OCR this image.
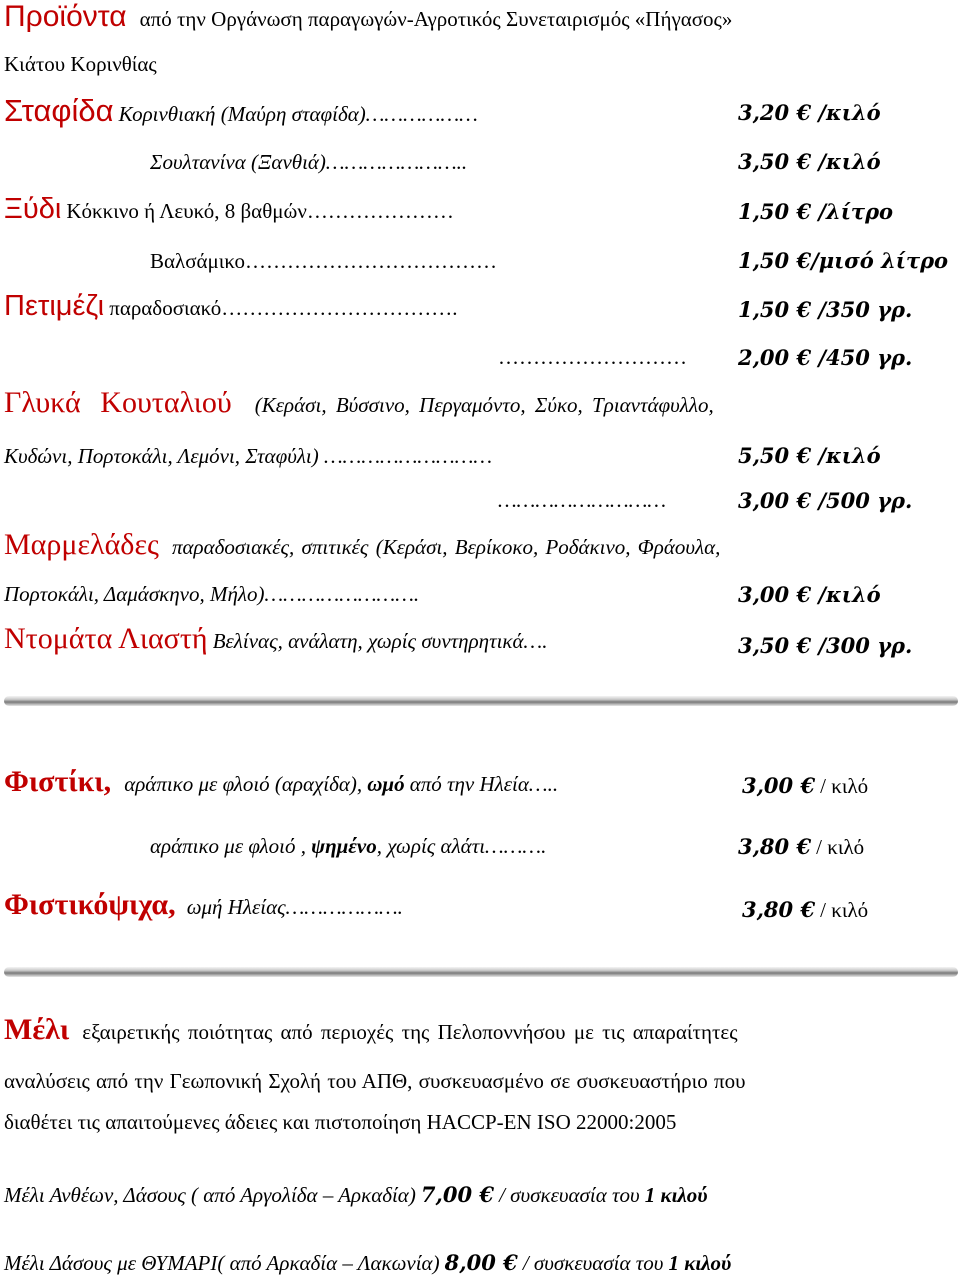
Προϊόντα από την Οργάνωση παραγωγών-Αγροτικός Συνεταιρισμός «Πήγασος»
Κιάτου Κορινθίας
Σταφίδα Κορινθιακή (Μαύρη σταφίδα)………………	3,20 € /κιλό
Σουλτανίνα (Ξανθιά)…………………..	3,50 € /κιλό
Ξύδι Κόκκινο ή Λευκό, 8 βαθμών…………………	1,50 € /λίτρο
Βαλσάμικο………………………………	1,50 €/μισό λίτρο
Πετιμέζι παραδοσιακό…………………………….	1,50 € /350 γρ.
……………………… 2,00 € /450 γρ.
Γλυκά Κουταλιού (Κεράσι, Βύσσινο, Περγαμόντο, Σύκο, Τριαντάφυλλο,
Κυδώνι, Πορτοκάλι, Λεμόνι, Σταφύλι) ………………………	5,50 € /κιλό
………………………	3,00 € /500 γρ.
Μαρμελάδες παραδοσιακές, σπιτικές (Κεράσι, Βερίκοκο, Ροδάκινο, Φράουλα,
Πορτοκάλι, Δαμάσκηνο, Μήλο)…………………….	3,00 € /κιλό
Ντομάτα Λιαστή Βελίνας, ανάλατη, χωρίς συντηρητικά….	3,50 € /300 γρ.
Φιστίκι, αράπικο με φλοιό (αραχίδα), ωμό από την Ηλεία…..	3,00 € / κιλό
αράπικο με φλοιό , ψημένο, χωρίς αλάτι……….	3,80 € / κιλό
Φιστικόψιχα, ωμή Ηλείας……………….	3,80 € / κιλό
Μέλι εξαιρετικής ποιότητας από περιοχές της Πελοποννήσου με τις απαραίτητες
αναλύσεις από την Γεωπονική Σχολή του ΑΠΘ, συσκευασμένο σε συσκευαστήριο που
διαθέτει τις απαιτούμενες άδειες και πιστοποίηση HACCP-EN ISO 22000:2005
Μέλι Ανθέων, Δάσους ( από Αργολίδα – Αρκαδία) 7,00 € / συσκευασία του 1 κιλού
Μέλι Δάσους με ΘΥΜΑΡΙ( από Αρκαδία – Λακωνία) 8,00 € / συσκευασία του 1 κιλού
